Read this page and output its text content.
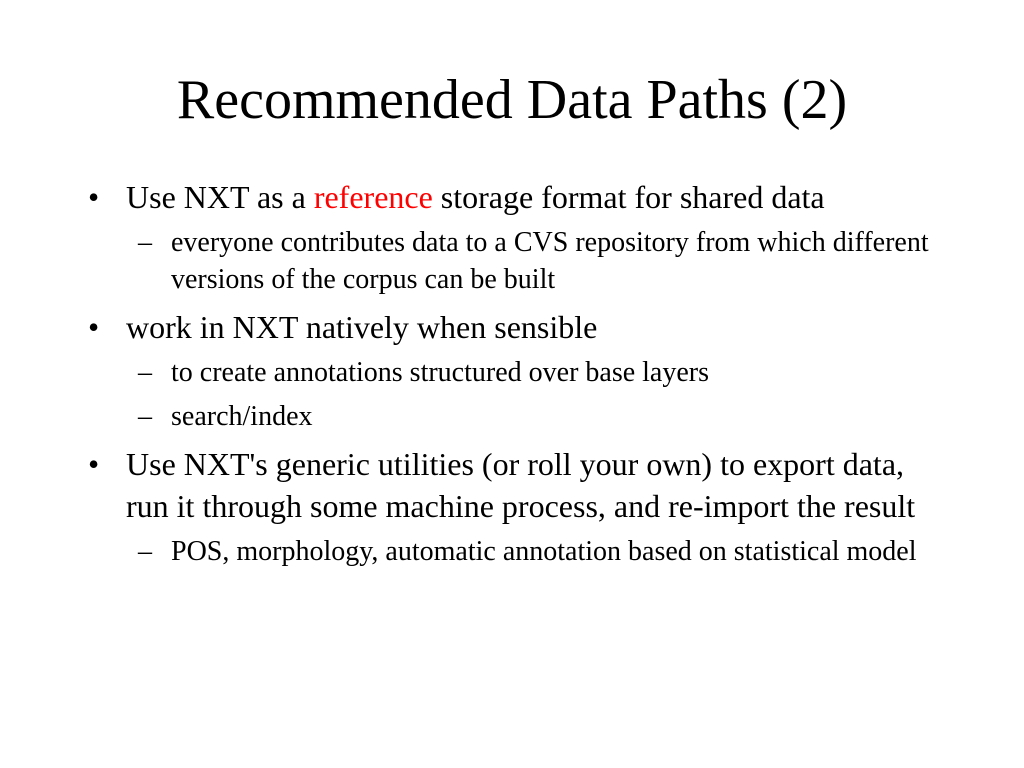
Recommended Data Paths (2)
• Use NXT as a reference storage format for shared data
– everyone contributes data to a CVS repository from which different versions of the corpus can be built
• work in NXT natively when sensible
– to create annotations structured over base layers
– search/index
• Use NXT's generic utilities (or roll your own) to export data, run it through some machine process, and re-import the result
– POS, morphology, automatic annotation based on statistical model
